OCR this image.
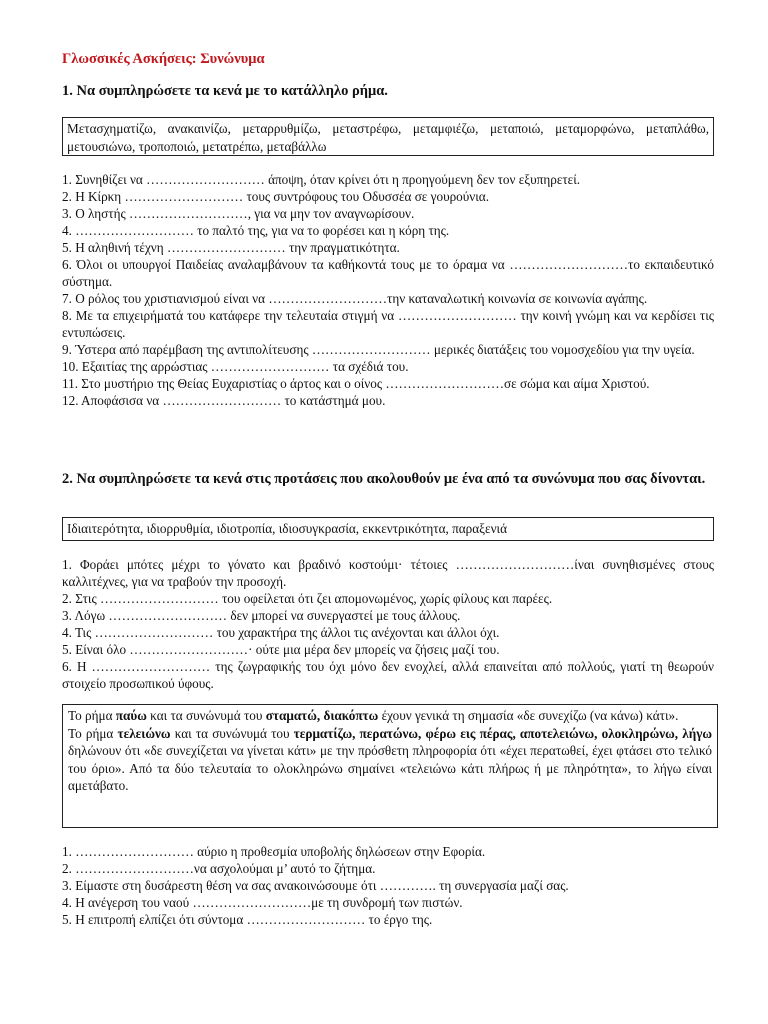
Γλωσσικές Ασκήσεις: Συνώνυμα
1. Να συμπληρώσετε τα κενά με το κατάλληλο ρήμα.
Μετασχηματίζω, ανακαινίζω, μεταρρυθμίζω, μεταστρέφω, μεταμφιέζω, μεταποιώ, μεταμορφώνω, μεταπλάθω, μετουσιώνω, τροποποιώ, μετατρέπω, μεταβάλλω
1. Συνηθίζει να ……………………… άποψη, όταν κρίνει ότι η προηγούμενη δεν τον εξυπηρετεί.
2. Η Κίρκη ……………………… τους συντρόφους του Οδυσσέα σε γουρούνια.
3. Ο ληστής ………………………, για να μην τον αναγνωρίσουν.
4. ……………………… το παλτό της, για να το φορέσει και η κόρη της.
5. Η αληθινή τέχνη ……………………… την πραγματικότητα.
6. Όλοι οι υπουργοί Παιδείας αναλαμβάνουν τα καθήκοντά τους με το όραμα να ………………………το εκπαιδευτικό σύστημα.
7. Ο ρόλος του χριστιανισμού είναι να ………………………την καταναλωτική κοινωνία σε κοινωνία αγάπης.
8. Με τα επιχειρήματά του κατάφερε την τελευταία στιγμή να ……………………… την κοινή γνώμη και να κερδίσει τις εντυπώσεις.
9. Ύστερα από παρέμβαση της αντιπολίτευσης ……………………… μερικές διατάξεις του νομοσχεδίου για την υγεία.
10. Εξαιτίας της αρρώστιας ……………………… τα σχέδιά του.
11. Στο μυστήριο της Θείας Ευχαριστίας ο άρτος και ο οίνος ………………………σε σώμα και αίμα Χριστού.
12. Αποφάσισα να ……………………… το κατάστημά μου.
2. Να συμπληρώσετε τα κενά στις προτάσεις που ακολουθούν με ένα από τα συνώνυμα που σας δίνονται.
Ιδιαιτερότητα, ιδιορρυθμία, ιδιοτροπία, ιδιοσυγκρασία, εκκεντρικότητα, παραξενιά
1. Φοράει μπότες μέχρι το γόνατο και βραδινό κοστούμι· τέτοιες ………………………ίναι συνηθισμένες στους καλλιτέχνες, για να τραβούν την προσοχή.
2. Στις ……………………… του οφείλεται ότι ζει απομονωμένος, χωρίς φίλους και παρέες.
3. Λόγω ……………………… δεν μπορεί να συνεργαστεί με τους άλλους.
4. Τις ……………………… του χαρακτήρα της άλλοι τις ανέχονται και άλλοι όχι.
5. Είναι όλο ………………………· ούτε μια μέρα δεν μπορείς να ζήσεις μαζί του.
6. Η ……………………… της ζωγραφικής του όχι μόνο δεν ενοχλεί, αλλά επαινείται από πολλούς, γιατί τη θεωρούν στοιχείο προσωπικού ύφους.

Το ρήμα παύω και τα συνώνυμά του σταματώ, διακόπτω έχουν γενικά τη σημασία «δε συνεχίζω (να κάνω) κάτι».

Το ρήμα τελειώνω και τα συνώνυμά του τερματίζω, περατώνω, φέρω εις πέρας, αποτελειώνω, ολοκληρώνω, λήγω δηλώνουν ότι «δε συνεχίζεται να γίνεται κάτι» με την πρόσθετη πληροφορία ότι «έχει περατωθεί, έχει φτάσει στο τελικό του όριο». Από τα δύο τελευταία το ολοκληρώνω σημαίνει «τελειώνω κάτι πλήρως ή με πληρότητα», το λήγω είναι αμετάβατο.

1. ……………………… αύριο η προθεσμία υποβολής δηλώσεων στην Εφορία.
2. ………………………να ασχολούμαι μ’ αυτό το ζήτημα.
3. Είμαστε στη δυσάρεστη θέση να σας ανακοινώσουμε ότι …………. τη συνεργασία μαζί σας.
4. Η ανέγερση του ναού ………………………με τη συνδρομή των πιστών.
5. Η επιτροπή ελπίζει ότι σύντομα ……………………… το έργο της.
